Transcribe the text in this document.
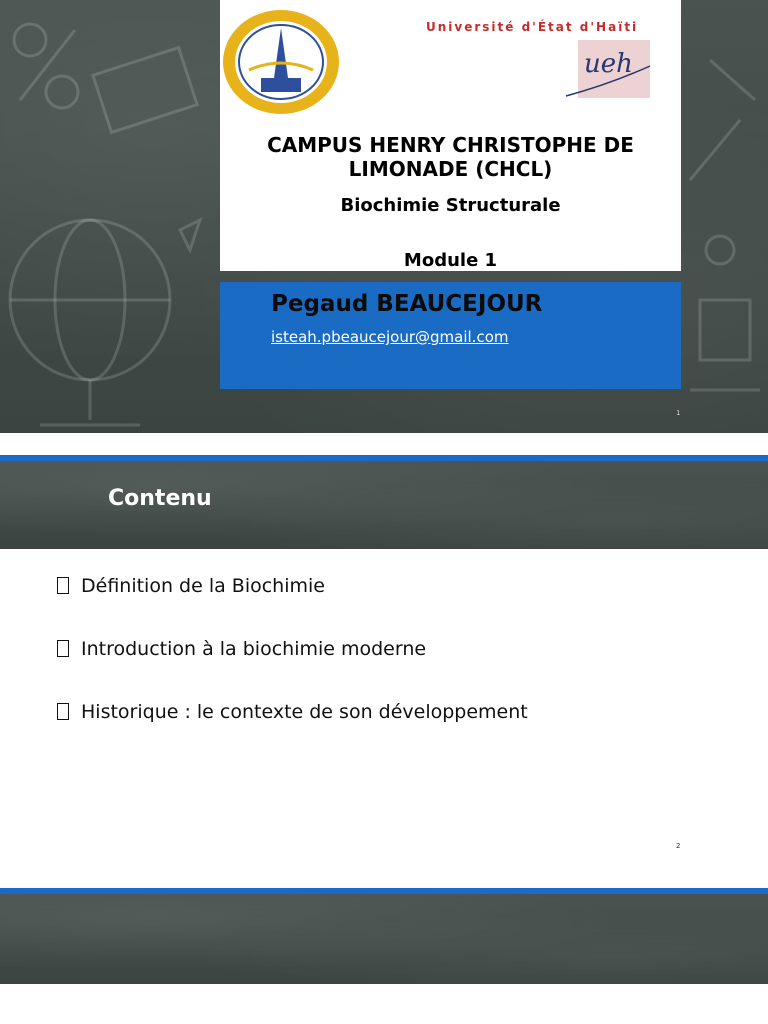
Université d'État d'Haïti
ueh
CAMPUS HENRY CHRISTOPHE DE LIMONADE (CHCL)
Biochimie Structurale
Module 1
Pegaud BEAUCEJOUR
isteah.pbeaucejour@gmail.com
1
Contenu
Définition de la Biochimie
Introduction à la biochimie moderne
Historique : le contexte de son développement
2
